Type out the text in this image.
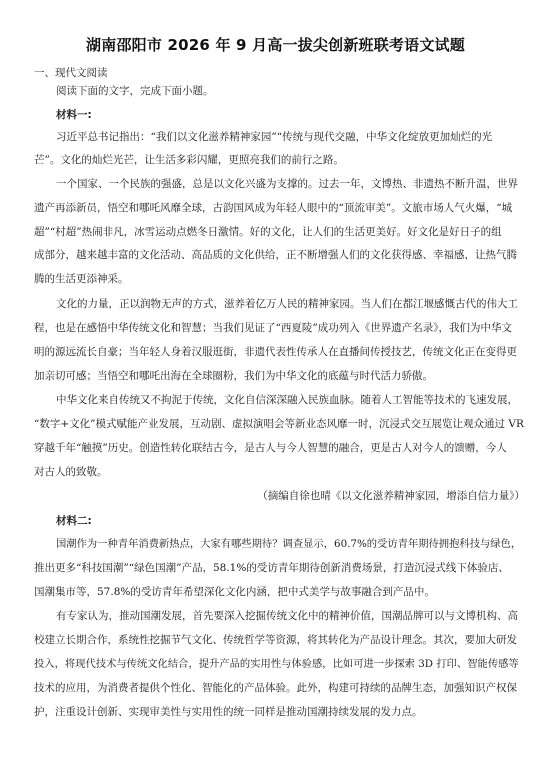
湖南邵阳市 2026 年 9 月高一拔尖创新班联考语文试题
一、现代文阅读
阅读下面的文字，完成下面小题。
材料一:
习近平总书记指出：“我们以文化滋养精神家园”“传统与现代交融，中华文化绽放更加灿烂的光
芒”。文化的灿烂光芒，让生活多彩闪耀，更照亮我们的前行之路。
一个国家、一个民族的强盛，总是以文化兴盛为支撑的。过去一年，文博热、非遗热不断升温，世界
遗产再添新员，悟空和哪吒风靡全球，古韵国风成为年轻人眼中的“顶流审美”。文旅市场人气火爆，“城
超”“村超”热闹非凡，冰雪运动点燃冬日激情。好的文化，让人们的生活更美好。好文化是好日子的组
成部分，越来越丰富的文化活动、高品质的文化供给，正不断增强人们的文化获得感、幸福感，让热气腾
腾的生活更添神采。
文化的力量，正以润物无声的方式，滋养着亿万人民的精神家园。当人们在都江堰感慨古代的伟大工
程，也是在感悟中华传统文化和智慧；当我们见证了“西夏陵”成功列入《世界遗产名录》，我们为中华文
明的源远流长自豪；当年轻人身着汉服逛街，非遗代表性传承人在直播间传授技艺，传统文化正在变得更
加亲切可感；当悟空和哪吒出海在全球圈粉，我们为中华文化的底蕴与时代活力骄傲。
中华文化来自传统又不拘泥于传统，文化自信深深融入民族血脉。随着人工智能等技术的飞速发展，
“数字+文化”模式赋能产业发展，互动剧、虚拟演唱会等新业态风靡一时，沉浸式交互展览让观众通过 VR
穿越千年“触摸”历史。创造性转化联结古今，是古人与今人智慧的融合，更是古人对今人的馈赠，今人
对古人的致敬。
（摘编自徐也晴《以文化滋养精神家园，增添自信力量》）
材料二:
国潮作为一种青年消费新热点，大家有哪些期待？调查显示，60.7%的受访青年期待拥抱科技与绿色，
推出更多“科技国潮”“绿色国潮”产品，58.1%的受访青年期待创新消费场景，打造沉浸式线下体验店、
国潮集市等，57.8%的受访青年希望深化文化内涵，把中式美学与故事融合到产品中。
有专家认为，推动国潮发展，首先要深入挖掘传统文化中的精神价值，国潮品牌可以与文博机构、高
校建立长期合作，系统性挖掘节气文化、传统哲学等资源，将其转化为产品设计理念。其次，要加大研发
投入，将现代技术与传统文化结合，提升产品的实用性与体验感，比如可进一步探索 3D 打印、智能传感等
技术的应用，为消费者提供个性化、智能化的产品体验。此外，构建可持续的品牌生态，加强知识产权保
护，注重设计创新、实现审美性与实用性的统一同样是推动国潮持续发展的发力点。
